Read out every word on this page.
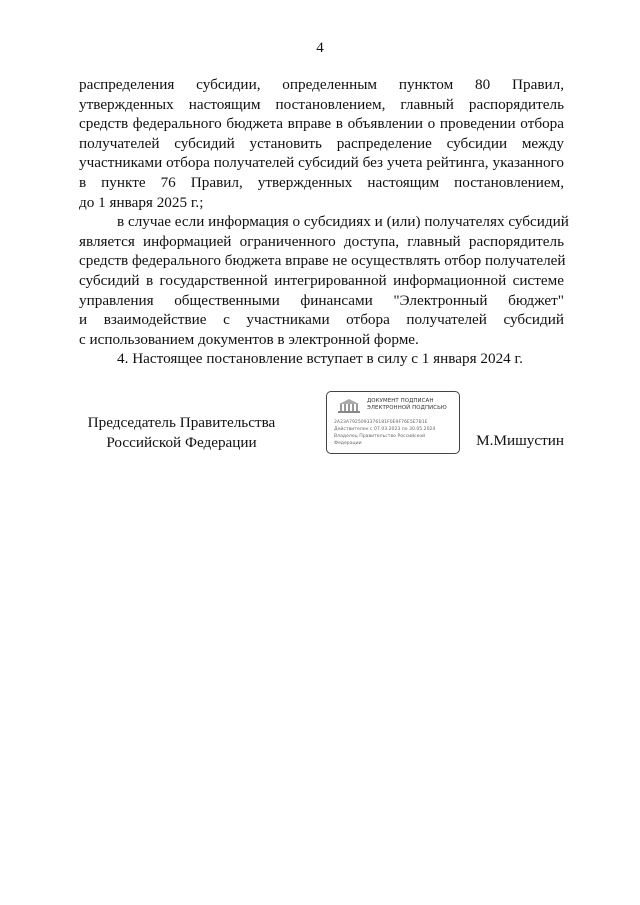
4

распределения субсидии, определенным пунктом 80 Правил,
утвержденных настоящим постановлением, главный распорядитель
средств федерального бюджета вправе в объявлении о проведении отбора
получателей субсидий установить распределение субсидии между
участниками отбора получателей субсидий без учета рейтинга, указанного
в пункте 76 Правил, утвержденных настоящим постановлением,
до 1 января 2025 г.;

в случае если информация о субсидиях и (или) получателях субсидий
является информацией ограниченного доступа, главный распорядитель
средств федерального бюджета вправе не осуществлять отбор получателей
субсидий в государственной интегрированной информационной системе
управления общественными финансами "Электронный бюджет"
и взаимодействие с участниками отбора получателей субсидий
с использованием документов в электронной форме.

4. Настоящее постановление вступает в силу с 1 января 2024 г.

Председатель Правительства
Российской Федерации
ДОКУМЕНТ ПОДПИСАН
ЭЛЕКТРОННОЙ ПОДПИСЬЮ
2A23A7925093376181F0E9F76E5E7B1E
Действителен с 07.03.2023 по 30.05.2024
Владелец Правительство Российской
Федерации	М.Мишустин
